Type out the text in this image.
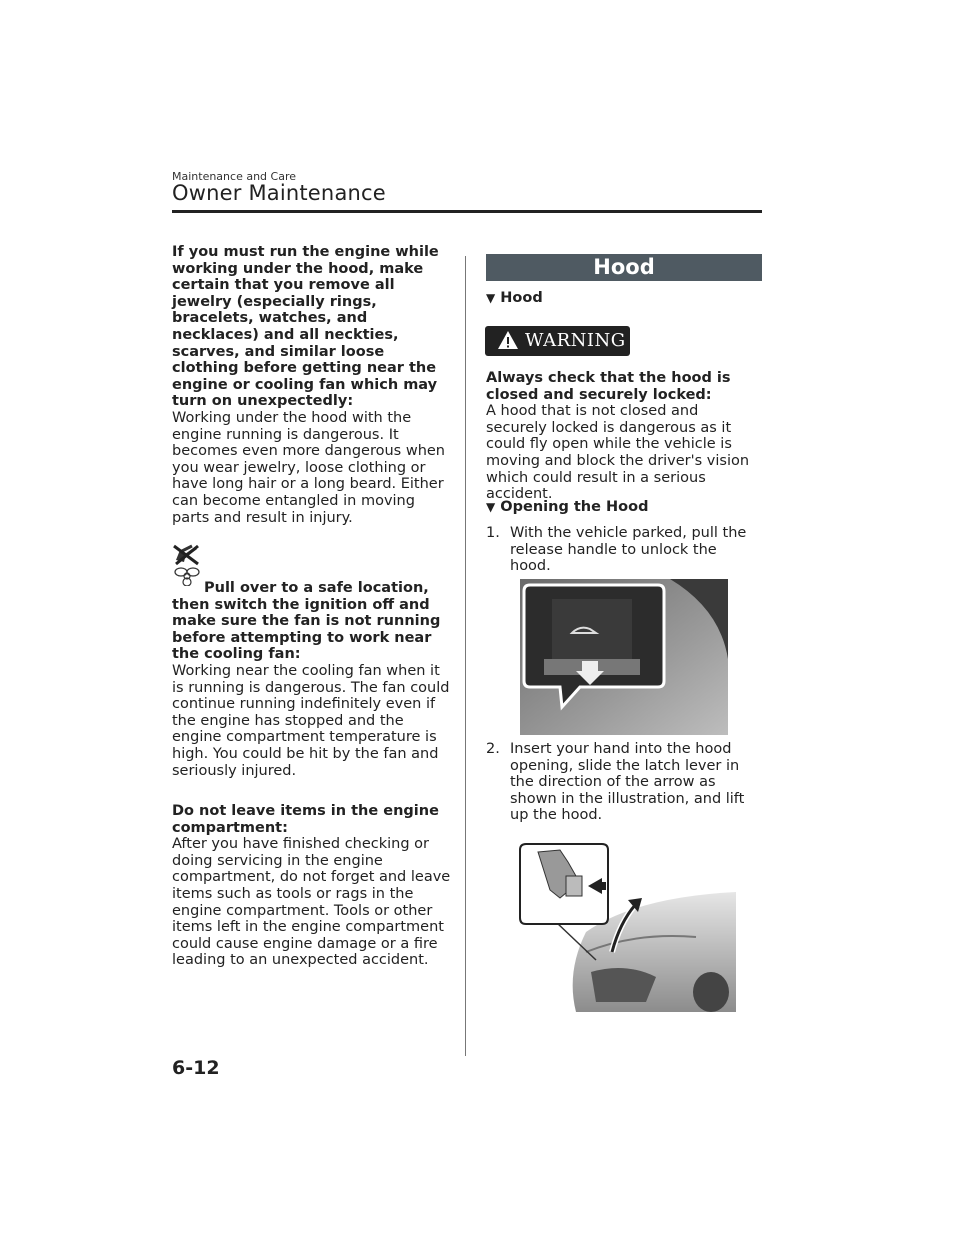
Maintenance and Care
Owner Maintenance

If you must run the engine while working under the hood, make certain that you remove all jewelry (especially rings, bracelets, watches, and necklaces) and all neckties, scarves, and similar loose clothing before getting near the engine or cooling fan which may turn on unexpectedly:

Working under the hood with the engine running is dangerous. It becomes even more dangerous when you wear jewelry, loose clothing or have long hair or a long beard. Either can become entangled in moving parts and result in injury.

Pull over to a safe location, then switch the ignition off and make sure the fan is not running before attempting to work near the cooling fan:

Working near the cooling fan when it is running is dangerous. The fan could continue running indefinitely even if the engine has stopped and the engine compartment temperature is high. You could be hit by the fan and seriously injured.

Do not leave items in the engine compartment:

After you have finished checking or doing servicing in the engine compartment, do not forget and leave items such as tools or rags in the engine compartment. Tools or other items left in the engine compartment could cause engine damage or a fire leading to an unexpected accident.

Hood
▼ Hood
WARNING

Always check that the hood is closed and securely locked:

A hood that is not closed and securely locked is dangerous as it could fly open while the vehicle is moving and block the driver's vision which could result in a serious accident.

▼ Opening the Hood
1. With the vehicle parked, pull the release handle to unlock the hood.
2. Insert your hand into the hood opening, slide the latch lever in the direction of the arrow as shown in the illustration, and lift up the hood.
6-12
